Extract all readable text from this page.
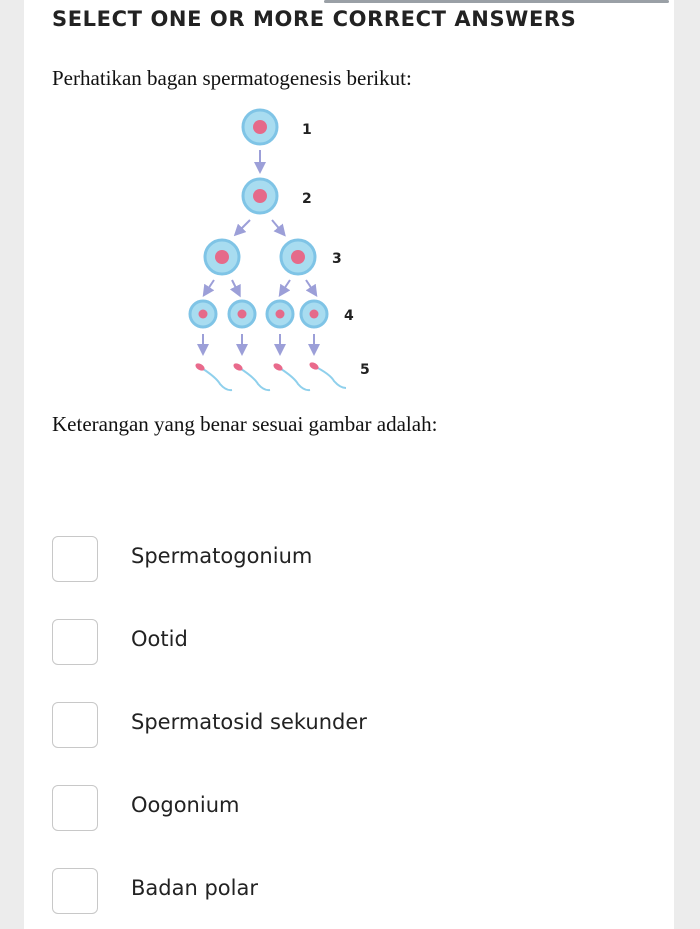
SELECT ONE OR MORE CORRECT ANSWERS
Perhatikan bagan spermatogenesis berikut:
1
2
3
4
5
Keterangan yang benar sesuai gambar adalah:
Spermatogonium
Ootid
Spermatosid sekunder
Oogonium
Badan polar
